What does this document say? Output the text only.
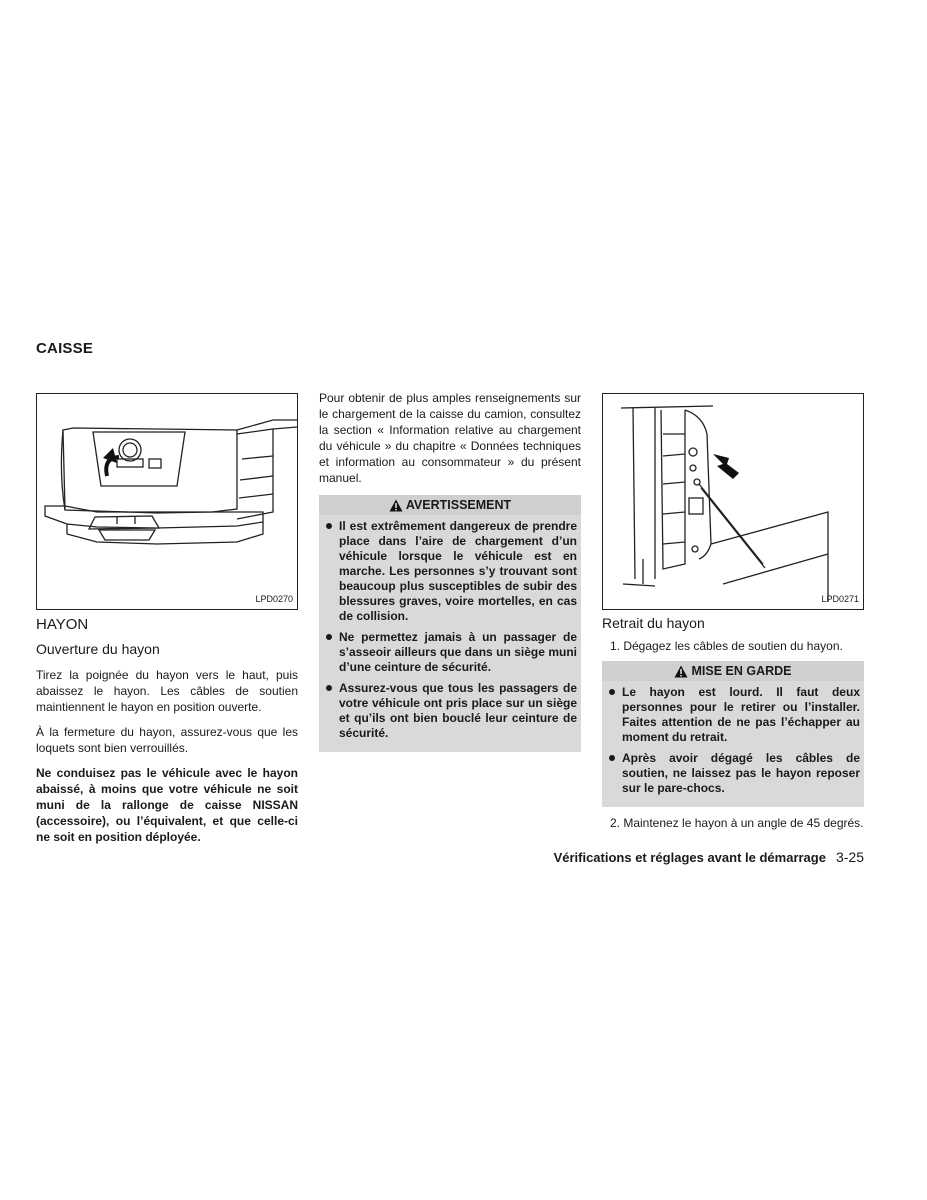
CAISSE
LPD0270
HAYON
Ouverture du hayon

Tirez la poignée du hayon vers le haut, puis abaissez le hayon. Les câbles de soutien maintiennent le hayon en position ouverte.

À la fermeture du hayon, assurez-vous que les loquets sont bien verrouillés.

Ne conduisez pas le véhicule avec le hayon abaissé, à moins que votre véhicule ne soit muni de la rallonge de caisse NISSAN (accessoire), ou l’équivalent, et que celle-ci ne soit en position déployée.

Pour obtenir de plus amples renseignements sur le chargement de la caisse du camion, consultez la section « Information relative au chargement du véhicule » du chapitre « Données techniques et information au consommateur » du présent manuel.

AVERTISSEMENT
Il est extrêmement dangereux de prendre place dans l’aire de chargement d’un véhicule lorsque le véhicule est en marche. Les personnes s’y trouvant sont beaucoup plus susceptibles de subir des blessures graves, voire mortelles, en cas de collision.
Ne permettez jamais à un passager de s’asseoir ailleurs que dans un siège muni d’une ceinture de sécurité.
Assurez-vous que tous les passagers de votre véhicule ont pris place sur un siège et qu’ils ont bien bouclé leur ceinture de sécurité.
LPD0271
Retrait du hayon
1. Dégagez les câbles de soutien du hayon.
MISE EN GARDE
Le hayon est lourd. Il faut deux personnes pour le retirer ou l’installer. Faites attention de ne pas l’échapper au moment du retrait.
Après avoir dégagé les câbles de soutien, ne laissez pas le hayon reposer sur le pare-chocs.
2. Maintenez le hayon à un angle de 45 degrés.
Vérifications et réglages avant le démarrage 3-25
